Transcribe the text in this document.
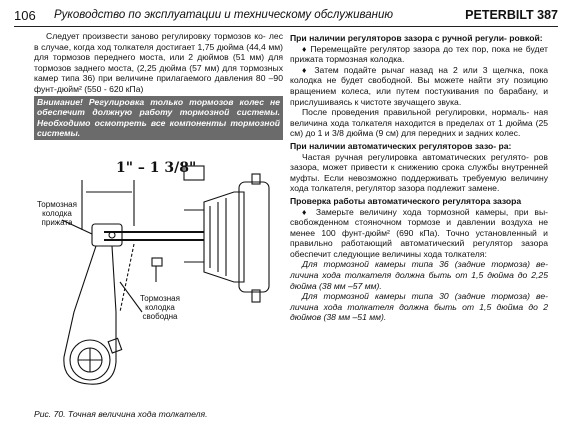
106 Руководство по эксплуатации и техническому обслуживанию	PETERBILT 387

Следует произвести заново регулировку тормозов ко- лес в случае, когда ход толкателя достигает 1,75 дюйма (44,4 мм) для тормозов переднего моста, или 2 дюймов (51 мм) для тормозов заднего моста, (2,25 дюйма (57 мм) для тормозных камер типа 36) при величине прилагаемого давления 80 –90 фунт-дюйм² (550 - 620 кПа)

Внимание! Регулировка только тормозов колес не обеспечит должную работу тормозной системы. Необходимо осмотреть все компоненты тормозной системы.

1" – 1 3/8"
Тормозная колодка прижата
Тормозная колодка свободна
Рис. 70. Точная величина хода толкателя.

При наличии регуляторов зазора с ручной регули- ровкой:

♦ Перемещайте регулятор зазора до тех пор, пока не будет прижата тормозная колодка.

♦ Затем подайте рычаг назад на 2 или 3 щелчка, пока колодка не будет свободной. Вы можете найти эту позицию вращением колеса, или путем постукивания по барабану, и прислушиваясь к чистоте звучащего звука.

После проведения правильной регулировки, нормаль- ная величина хода толкателя находится в пределах от 1 дюйма (25 см) до 1 и 3/8 дюйма (9 см) для передних и задних колес.

При наличии автоматических регуляторов зазо- ра:

Частая ручная регулировка автоматических регулято- ров зазора, может привести к снижению срока службы внутренней муфты. Если невозможно поддерживать требуемую величину хода толкателя, регулятор зазора подлежит замене.

Проверка работы автоматического регулятора зазора

♦ Замерьте величину хода тормозной камеры, при вы- свобожденном стояночном тормозе и давлении воздуха не менее 100 фунт-дюйм² (690 кПа). Точно установленный и правильно работающий автоматический регулятор зазора обеспечит следующие величины хода толкателя:

Для тормозной камеры типа 36 (задние тормоза) ве- личина хода толкателя должна быть от 1,5 дюйма до 2,25 дюйма (38 мм –57 мм).

Для тормозной камеры типа 30 (задние тормоза) ве- личина хода толкателя должна быть от 1,5 дюйма до 2 дюймов (38 мм –51 мм).
